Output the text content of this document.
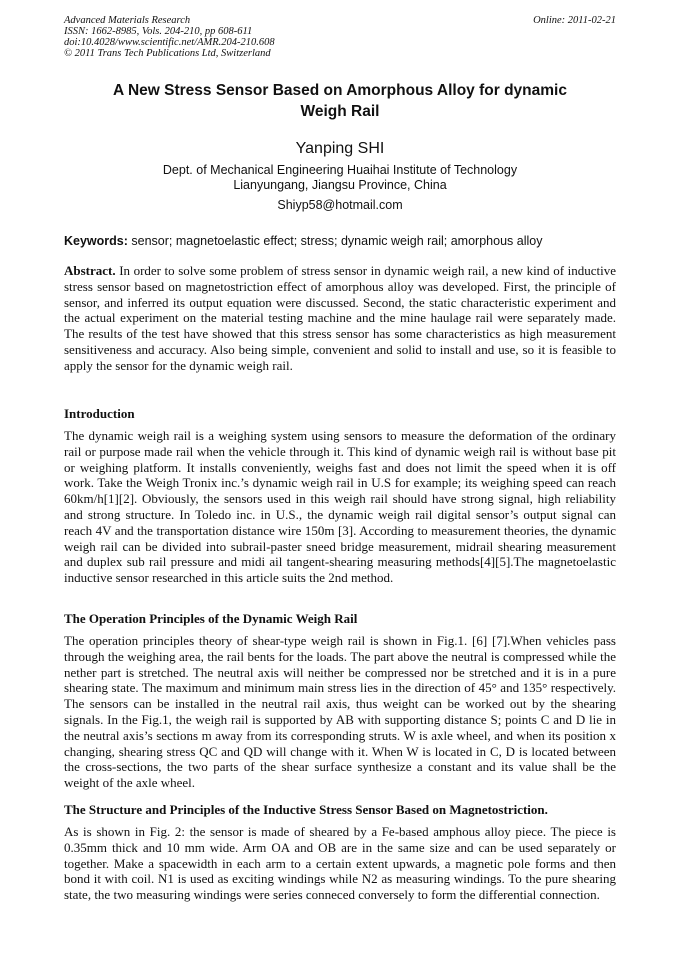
Advanced Materials Research
ISSN: 1662-8985, Vols. 204-210, pp 608-611
doi:10.4028/www.scientific.net/AMR.204-210.608
© 2011 Trans Tech Publications Ltd, Switzerland
Online: 2011-02-21
A New Stress Sensor Based on Amorphous Alloy for dynamic
Weigh Rail
Yanping SHI
Dept. of Mechanical Engineering Huaihai Institute of Technology
Lianyungang, Jiangsu Province, China
Shiyp58@hotmail.com
Keywords: sensor; magnetoelastic effect; stress; dynamic weigh rail; amorphous alloy
Abstract. In order to solve some problem of stress sensor in dynamic weigh rail, a new kind of inductive stress sensor based on magnetostriction effect of amorphous alloy was developed. First, the principle of sensor, and inferred its output equation were discussed. Second, the static characteristic experiment and the actual experiment on the material testing machine and the mine haulage rail were separately made. The results of the test have showed that this stress sensor has some characteristics as high measurement sensitiveness and accuracy. Also being simple, convenient and solid to install and use, so it is feasible to apply the sensor for the dynamic weigh rail.
Introduction
The dynamic weigh rail is a weighing system using sensors to measure the deformation of the ordinary rail or purpose made rail when the vehicle through it. This kind of dynamic weigh rail is without base pit or weighing platform. It installs conveniently, weighs fast and does not limit the speed when it is off work. Take the Weigh Tronix inc.’s dynamic weigh rail in U.S for example; its weighing speed can reach 60km/h[1][2]. Obviously, the sensors used in this weigh rail should have strong signal, high reliability and strong structure. In Toledo inc. in U.S., the dynamic weigh rail digital sensor’s output signal can reach 4V and the transportation distance wire 150m [3]. According to measurement theories, the dynamic weigh rail can be divided into subrail-paster sneed bridge measurement, midrail shearing measurement and duplex sub rail pressure and midi ail tangent-shearing measuring methods[4][5].The magnetoelastic inductive sensor researched in this article suits the 2nd method.
The Operation Principles of the Dynamic Weigh Rail
The operation principles theory of shear-type weigh rail is shown in Fig.1. [6] [7].When vehicles pass through the weighing area, the rail bents for the loads. The part above the neutral is compressed while the nether part is stretched. The neutral axis will neither be compressed nor be stretched and it is in a pure shearing state. The maximum and minimum main stress lies in the direction of 45° and 135° respectively. The sensors can be installed in the neutral rail axis, thus weight can be worked out by the shearing signals. In the Fig.1, the weigh rail is supported by AB with supporting distance S; points C and D lie in the neutral axis’s sections m away from its corresponding struts. W is axle wheel, and when its position x changing, shearing stress QC and QD will change with it. When W is located in C, D is located between the cross-sections, the two parts of the shear surface synthesize a constant and its value shall be the weight of the axle wheel.
The Structure and Principles of the Inductive Stress Sensor Based on Magnetostriction.
As is shown in Fig. 2: the sensor is made of sheared by a Fe-based amphous alloy piece. The piece is 0.35mm thick and 10 mm wide. Arm OA and OB are in the same size and can be used separately or together. Make a spacewidth in each arm to a certain extent upwards, a magnetic pole forms and then bond it with coil. N1 is used as exciting windings while N2 as measuring windings. To the pure shearing state, the two measuring windings were series conneced conversely to form the differential connection.
